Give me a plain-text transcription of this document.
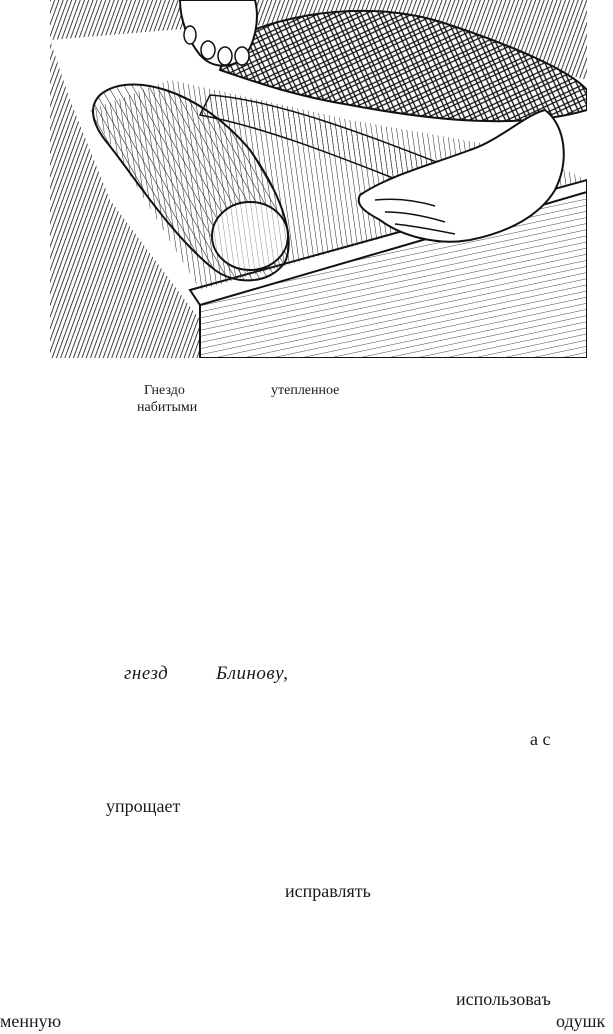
Гнездо	утепленное
набитыми
гнезд	Блинову,
а с
упрощает
исправлять
использоваъ
менную	одушк
